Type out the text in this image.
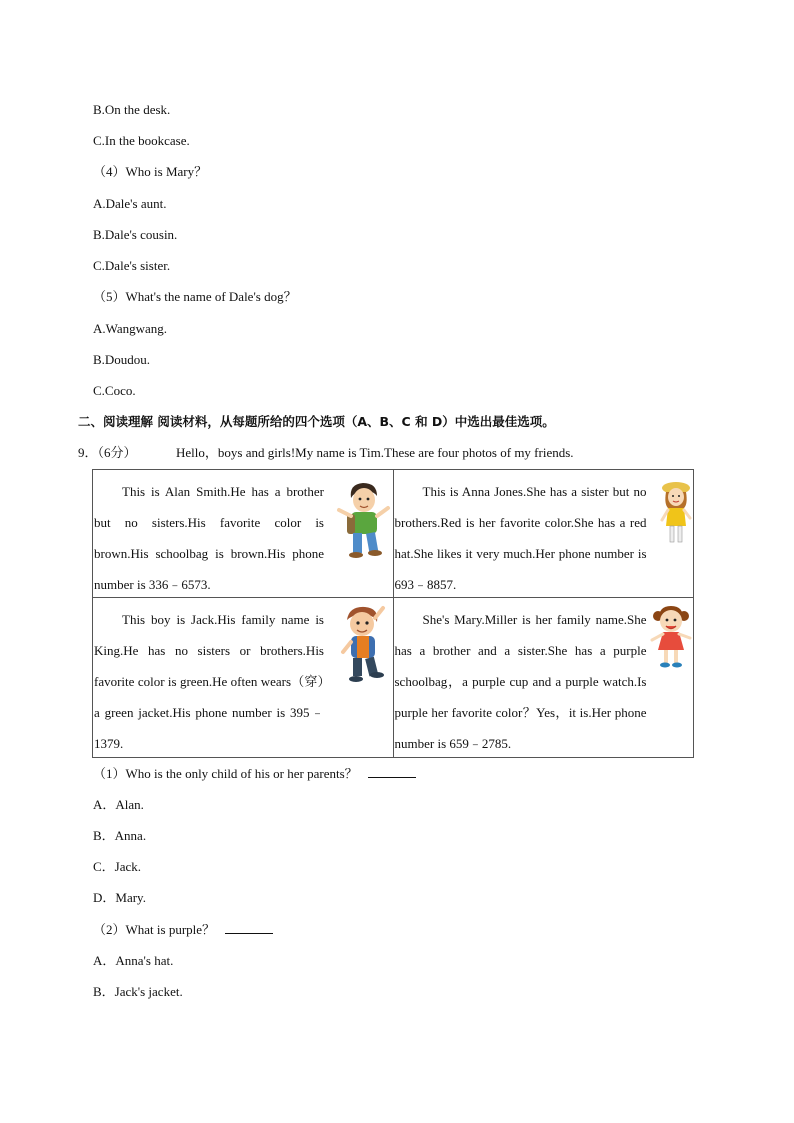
B.On the desk.
C.In the bookcase.
（4）Who is Mary？
A.Dale's aunt.
B.Dale's cousin.
C.Dale's sister.
（5）What's the name of Dale's dog？
A.Wangwang.
B.Doudou.
C.Coco.
二、阅读理解 阅读材料，从每题所给的四个选项（A、B、C 和 D）中选出最佳选项。
9．（6分）	Hello，boys and girls!My name is Tim.These are four photos of my friends.
This is Alan Smith.He has a brother but no sisters.His favorite color is brown.His schoolbag is brown.His phone number is 336﹣6573.	This is Anna Jones.She has a sister but no brothers.Red is her favorite color.She has a red hat.She likes it very much.Her phone number is 693﹣8857.

This boy is Jack.His family name is King.He has no sisters or brothers.His favorite color is green.He often wears（穿）a green jacket.His phone number is 395﹣1379.	She's Mary.Miller is her family name.She has a brother and a sister.She has a purple schoolbag，a purple cup and a purple watch.Is purple her favorite color？Yes，it is.Her phone number is 659﹣2785.
（1）Who is the only child of his or her parents？
A．Alan.
B．Anna.
C．Jack.
D．Mary.
（2）What is purple？
A．Anna's hat.
B．Jack's jacket.
